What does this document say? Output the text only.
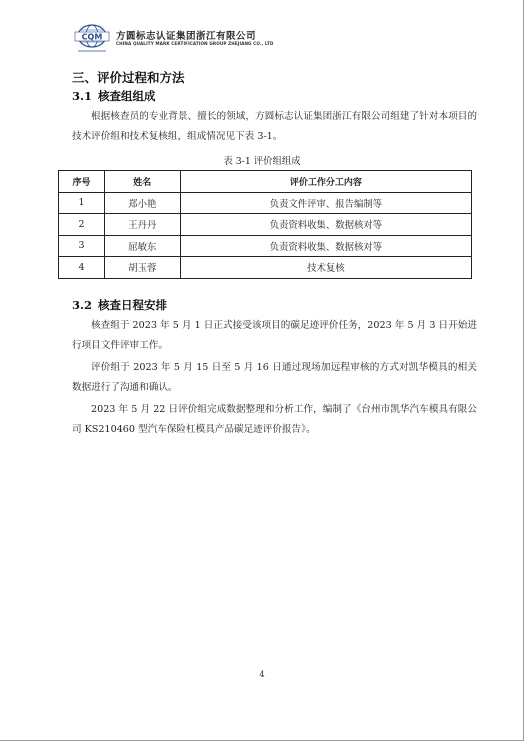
CQM 方圆标志认证集团浙江有限公司
CHINA QUALITY MARK CERTIFICATION GROUP ZHEJIANG CO., LTD
三、评价过程和方法
3.1 核查组组成
根据核查员的专业背景、擅长的领域，方圆标志认证集团浙江有限公司组建了针对本项目的技术评价组和技术复核组，组成情况见下表 3-1。
表 3-1 评价组组成
序号	姓名	评价工作分工内容
1	郑小艳	负责文件评审、报告编制等
2	王丹丹	负责资料收集、数据核对等
3	屈敏东	负责资料收集、数据核对等
4	胡玉蓉	技术复核
3.2 核查日程安排
核查组于 2023 年 5 月 1 日正式接受该项目的碳足迹评价任务，2023 年 5 月 3 日开始进行项目文件评审工作。
评价组于 2023 年 5 月 15 日至 5 月 16 日通过现场加远程审核的方式对凯华模具的相关数据进行了沟通和确认。
2023 年 5 月 22 日评价组完成数据整理和分析工作，编制了《台州市凯华汽车模具有限公司 KS210460 型汽车保险杠模具产品碳足迹评价报告》。
4
